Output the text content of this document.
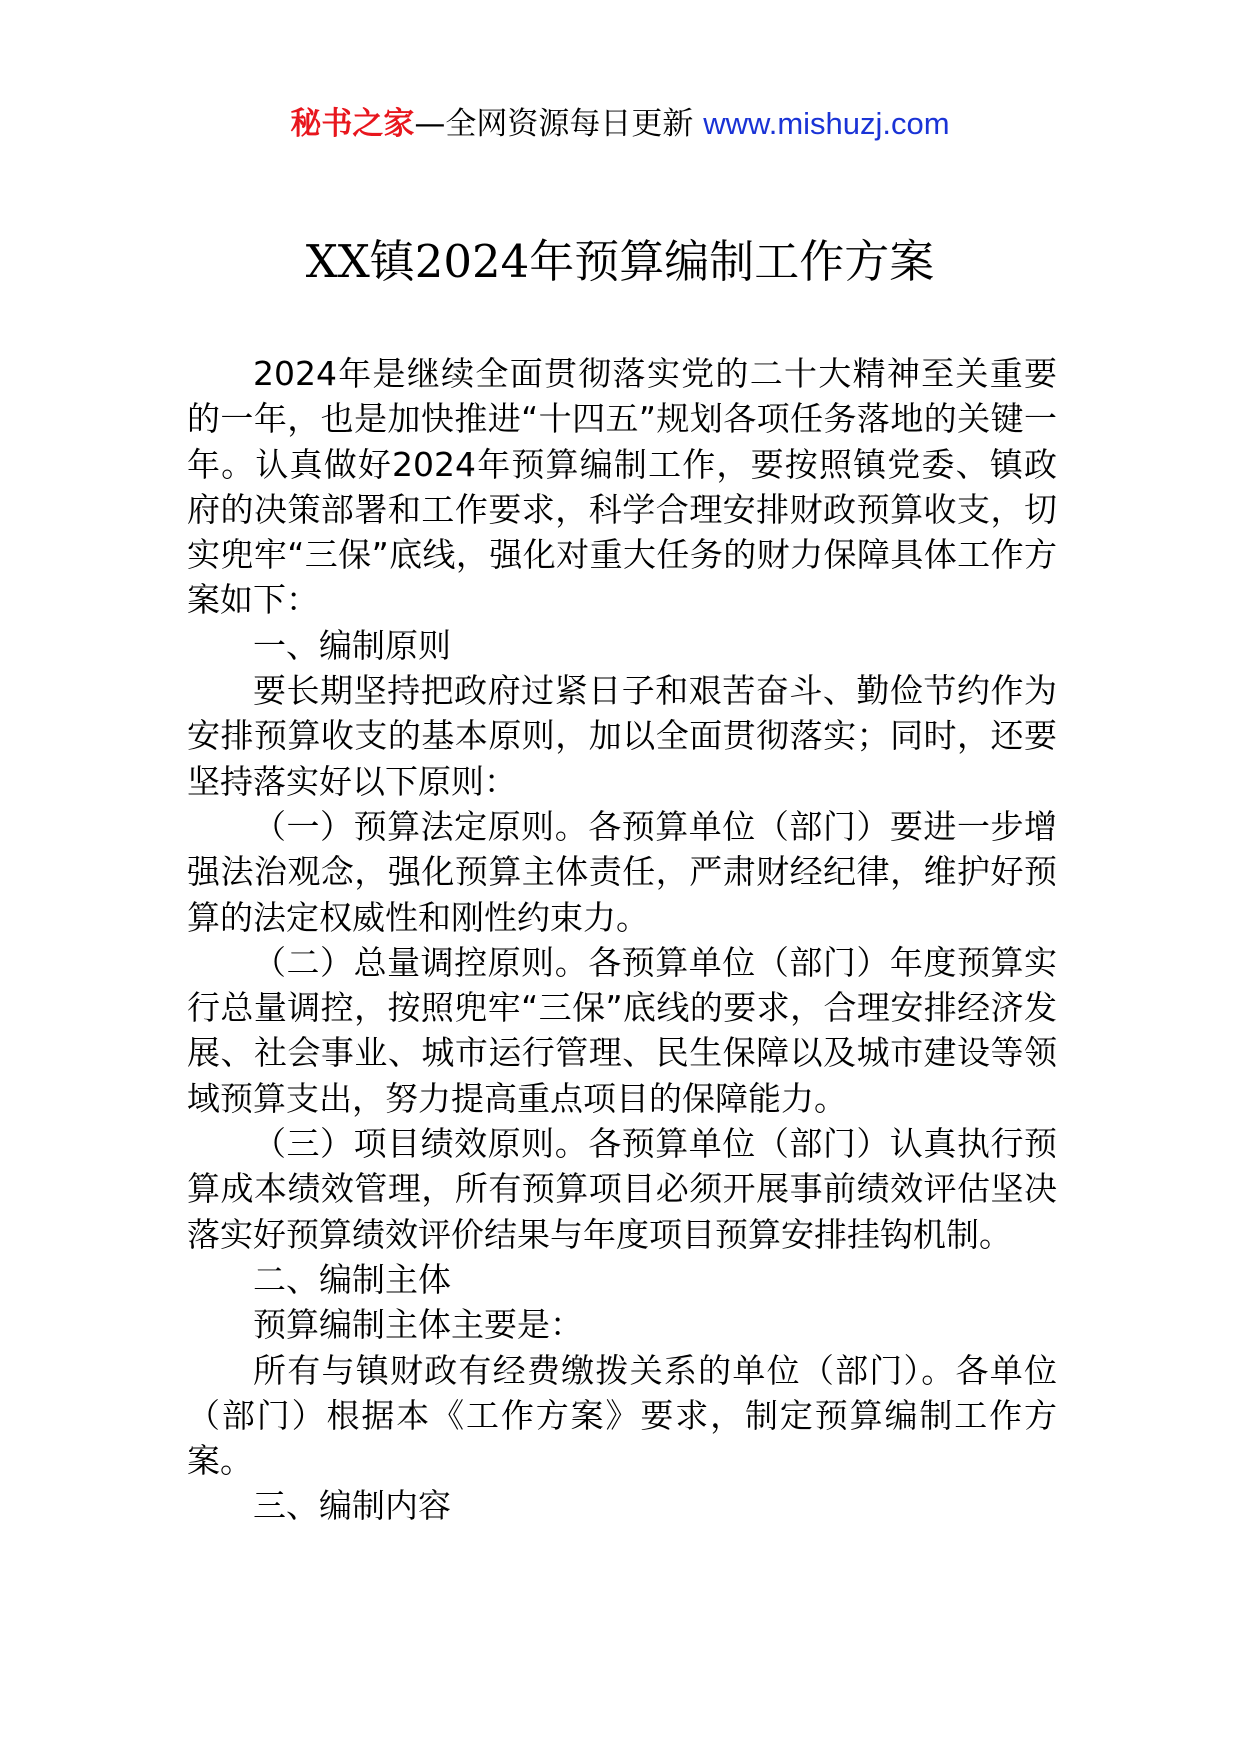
秘书之家—全网资源每日更新 www.mishuzj.com
XX镇2024年预算编制工作方案

2024年是继续全面贯彻落实党的二十大精神至关重要的一年，也是加快推进“十四五”规划各项任务落地的关键一年。认真做好2024年预算编制工作，要按照镇党委、镇政府的决策部署和工作要求，科学合理安排财政预算收支，切实兜牢“三保”底线，强化对重大任务的财力保障具体工作方案如下：

一、编制原则

要长期坚持把政府过紧日子和艰苦奋斗、勤俭节约作为安排预算收支的基本原则，加以全面贯彻落实；同时，还要坚持落实好以下原则：

（一）预算法定原则。各预算单位（部门）要进一步增强法治观念，强化预算主体责任，严肃财经纪律，维护好预算的法定权威性和刚性约束力。

（二）总量调控原则。各预算单位（部门）年度预算实行总量调控，按照兜牢“三保”底线的要求，合理安排经济发展、社会事业、城市运行管理、民生保障以及城市建设等领域预算支出，努力提高重点项目的保障能力。

（三）项目绩效原则。各预算单位（部门）认真执行预算成本绩效管理，所有预算项目必须开展事前绩效评估坚决落实好预算绩效评价结果与年度项目预算安排挂钩机制。

二、编制主体

预算编制主体主要是：

所有与镇财政有经费缴拨关系的单位（部门）。各单位（部门）根据本《工作方案》要求，制定预算编制工作方案。

三、编制内容
